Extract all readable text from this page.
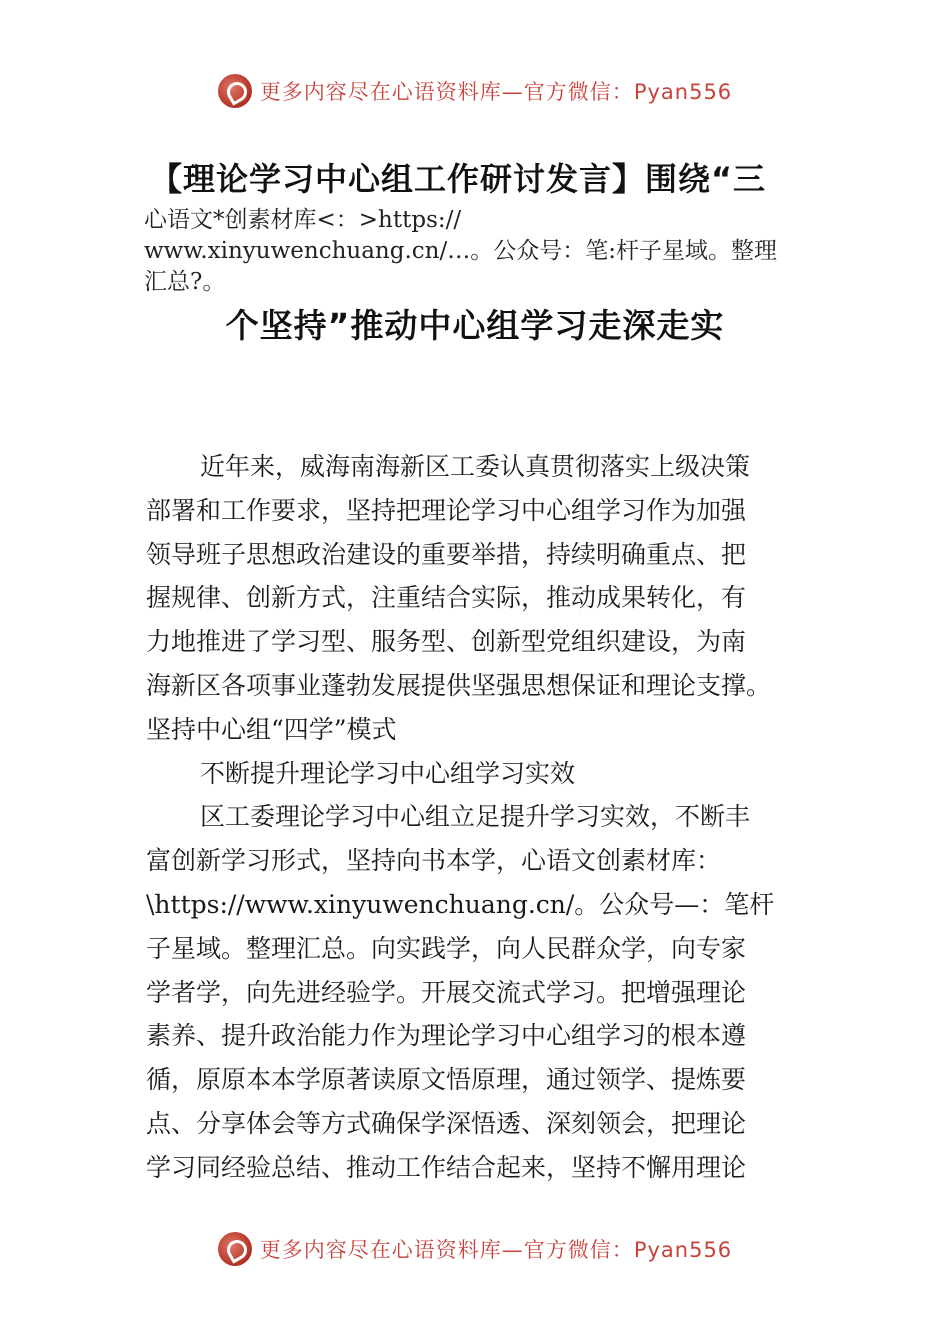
更多内容尽在心语资料库—官方微信：Pyan556
【理论学习中心组工作研讨发言】围绕“三
心语文*创素材库<：>https://
www.xinyuwenchuang.cn/…。公众号：笔:杆子星域。整理
汇总?。
个坚持”推动中心组学习走深走实
近年来，威海南海新区工委认真贯彻落实上级决策
部署和工作要求，坚持把理论学习中心组学习作为加强
领导班子思想政治建设的重要举措，持续明确重点、把
握规律、创新方式，注重结合实际，推动成果转化，有
力地推进了学习型、服务型、创新型党组织建设，为南
海新区各项事业蓬勃发展提供坚强思想保证和理论支撑。
坚持中心组“四学”模式
不断提升理论学习中心组学习实效
区工委理论学习中心组立足提升学习实效，不断丰
富创新学习形式，坚持向书本学，心语文创素材库：
\https://www.xinyuwenchuang.cn/。公众号—：笔杆
子星域。整理汇总。向实践学，向人民群众学，向专家
学者学，向先进经验学。开展交流式学习。把增强理论
素养、提升政治能力作为理论学习中心组学习的根本遵
循，原原本本学原著读原文悟原理，通过领学、提炼要
点、分享体会等方式确保学深悟透、深刻领会，把理论
学习同经验总结、推动工作结合起来，坚持不懈用理论
更多内容尽在心语资料库—官方微信：Pyan556
